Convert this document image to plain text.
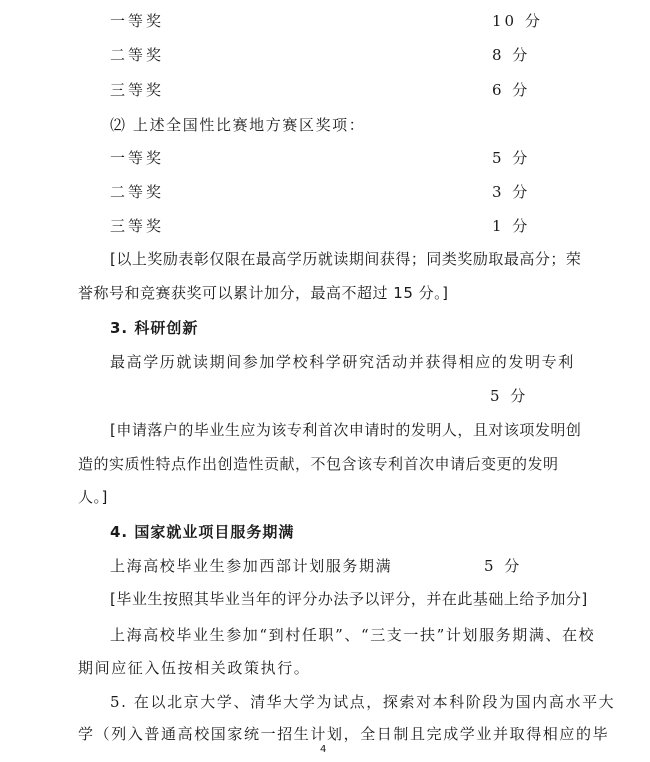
一等奖	10 分
二等奖	8 分
三等奖	6 分
⑵ 上述全国性比赛地方赛区奖项：
一等奖	5 分
二等奖	3 分
三等奖	1 分
[以上奖励表彰仅限在最高学历就读期间获得；同类奖励取最高分；荣
誉称号和竞赛获奖可以累计加分，最高不超过 15 分。]
3. 科研创新
最高学历就读期间参加学校科学研究活动并获得相应的发明专利
5 分
[申请落户的毕业生应为该专利首次申请时的发明人，且对该项发明创
造的实质性特点作出创造性贡献，不包含该专利首次申请后变更的发明
人。]
4. 国家就业项目服务期满
上海高校毕业生参加西部计划服务期满	5 分
[毕业生按照其毕业当年的评分办法予以评分，并在此基础上给予加分]
上海高校毕业生参加“到村任职”、“三支一扶”计划服务期满、在校
期间应征入伍按相关政策执行。
5. 在以北京大学、清华大学为试点，探索对本科阶段为国内高水平大
学（列入普通高校国家统一招生计划，全日制且完成学业并取得相应的毕
4
